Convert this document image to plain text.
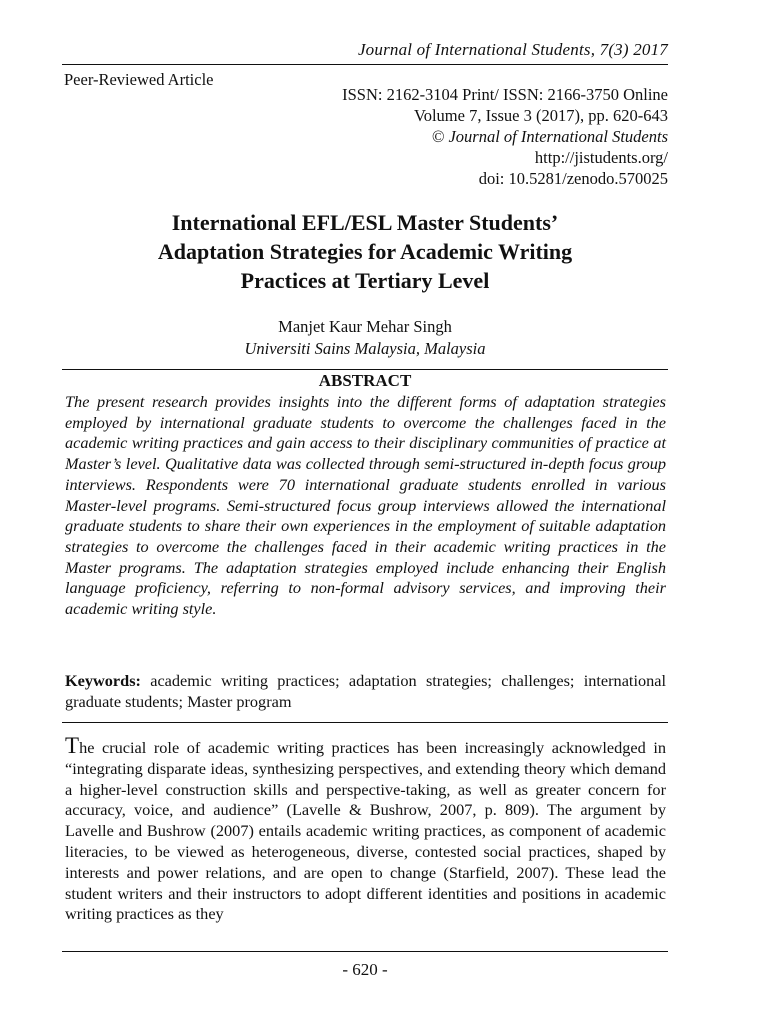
Journal of International Students, 7(3) 2017
Peer-Reviewed Article
ISSN: 2162-3104 Print/ ISSN: 2166-3750 Online
Volume 7, Issue 3 (2017), pp. 620-643
© Journal of International Students
http://jistudents.org/
doi: 10.5281/zenodo.570025
International EFL/ESL Master Students’
Adaptation Strategies for Academic Writing
Practices at Tertiary Level
Manjet Kaur Mehar Singh
Universiti Sains Malaysia, Malaysia
ABSTRACT

The present research provides insights into the different forms of adaptation strategies employed by international graduate students to overcome the challenges faced in the academic writing practices and gain access to their disciplinary communities of practice at Master’s level. Qualitative data was collected through semi-structured in-depth focus group interviews. Respondents were 70 international graduate students enrolled in various Master-level programs. Semi-structured focus group interviews allowed the international graduate students to share their own experiences in the employment of suitable adaptation strategies to overcome the challenges faced in their academic writing practices in the Master programs. The adaptation strategies employed include enhancing their English language proficiency, referring to non-formal advisory services, and improving their academic writing style.

Keywords: academic writing practices; adaptation strategies; challenges; international graduate students; Master program

The crucial role of academic writing practices has been increasingly acknowledged in “integrating disparate ideas, synthesizing perspectives, and extending theory which demand a higher-level construction skills and perspective-taking, as well as greater concern for accuracy, voice, and audience” (Lavelle & Bushrow, 2007, p. 809). The argument by Lavelle and Bushrow (2007) entails academic writing practices, as component of academic literacies, to be viewed as heterogeneous, diverse, contested social practices, shaped by interests and power relations, and are open to change (Starfield, 2007). These lead the student writers and their instructors to adopt different identities and positions in academic writing practices as they

- 620 -
